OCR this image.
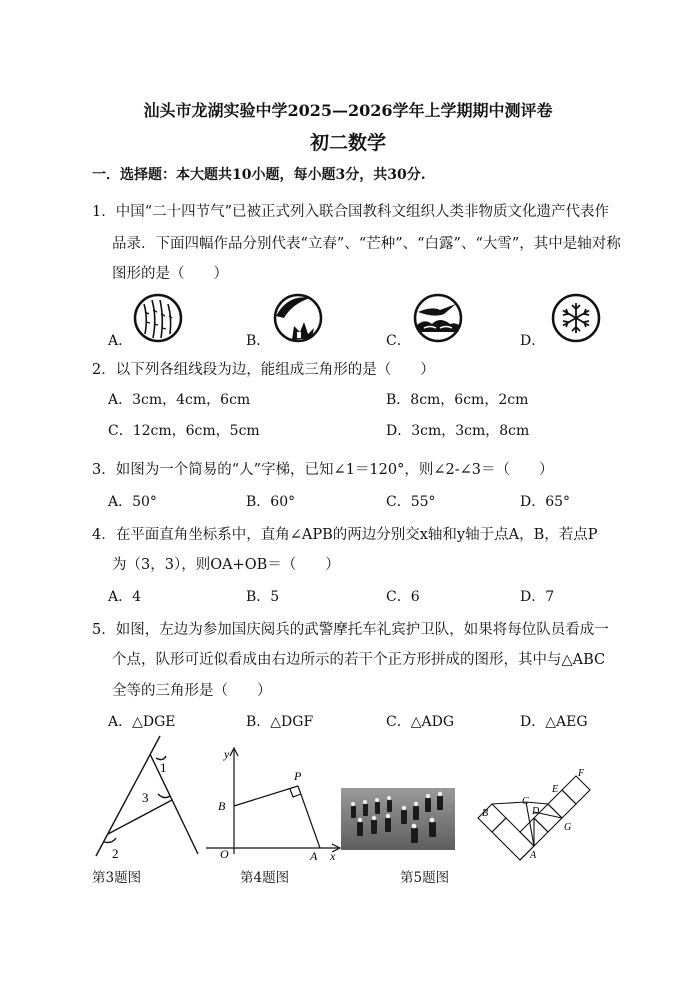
汕头市龙湖实验中学2025—2026学年上学期期中测评卷
初二数学
一．选择题：本大题共10小题，每小题3分，共30分.
1．中国“二十四节气”已被正式列入联合国教科文组织人类非物质文化遗产代表作
品录．下面四幅作品分别代表“立春”、“芒种”、“白露”、“大雪”，其中是轴对称
图形的是（　　）
A．	B．	C．	D．
2．以下列各组线段为边，能组成三角形的是（　　）
A．3cm，4cm，6cm	B．8cm，6cm，2cm
C．12cm，6cm，5cm	D．3cm，3cm，8cm
3．如图为一个简易的“人”字梯，已知∠1＝120°，则∠2-∠3＝（　　）
A．50°	B．60°	C．55°	D．65°
4．在平面直角坐标系中，直角∠APB的两边分别交x轴和y轴于点A，B，若点P
为（3，3），则OA+OB＝（　　）
A．4	B．5	C．6	D．7
5．如图，左边为参加国庆阅兵的武警摩托车礼宾护卫队，如果将每位队员看成一
个点，队形可近似看成由右边所示的若干个正方形拼成的图形，其中与△ABC
全等的三角形是（　　）
A．△DGE	B．△DGF	C．△ADG	D．△AEG
1
3
2
第3题图
y
P
B
O	A x
第4题图	第5题图
F
E
B
C
D
G
A
